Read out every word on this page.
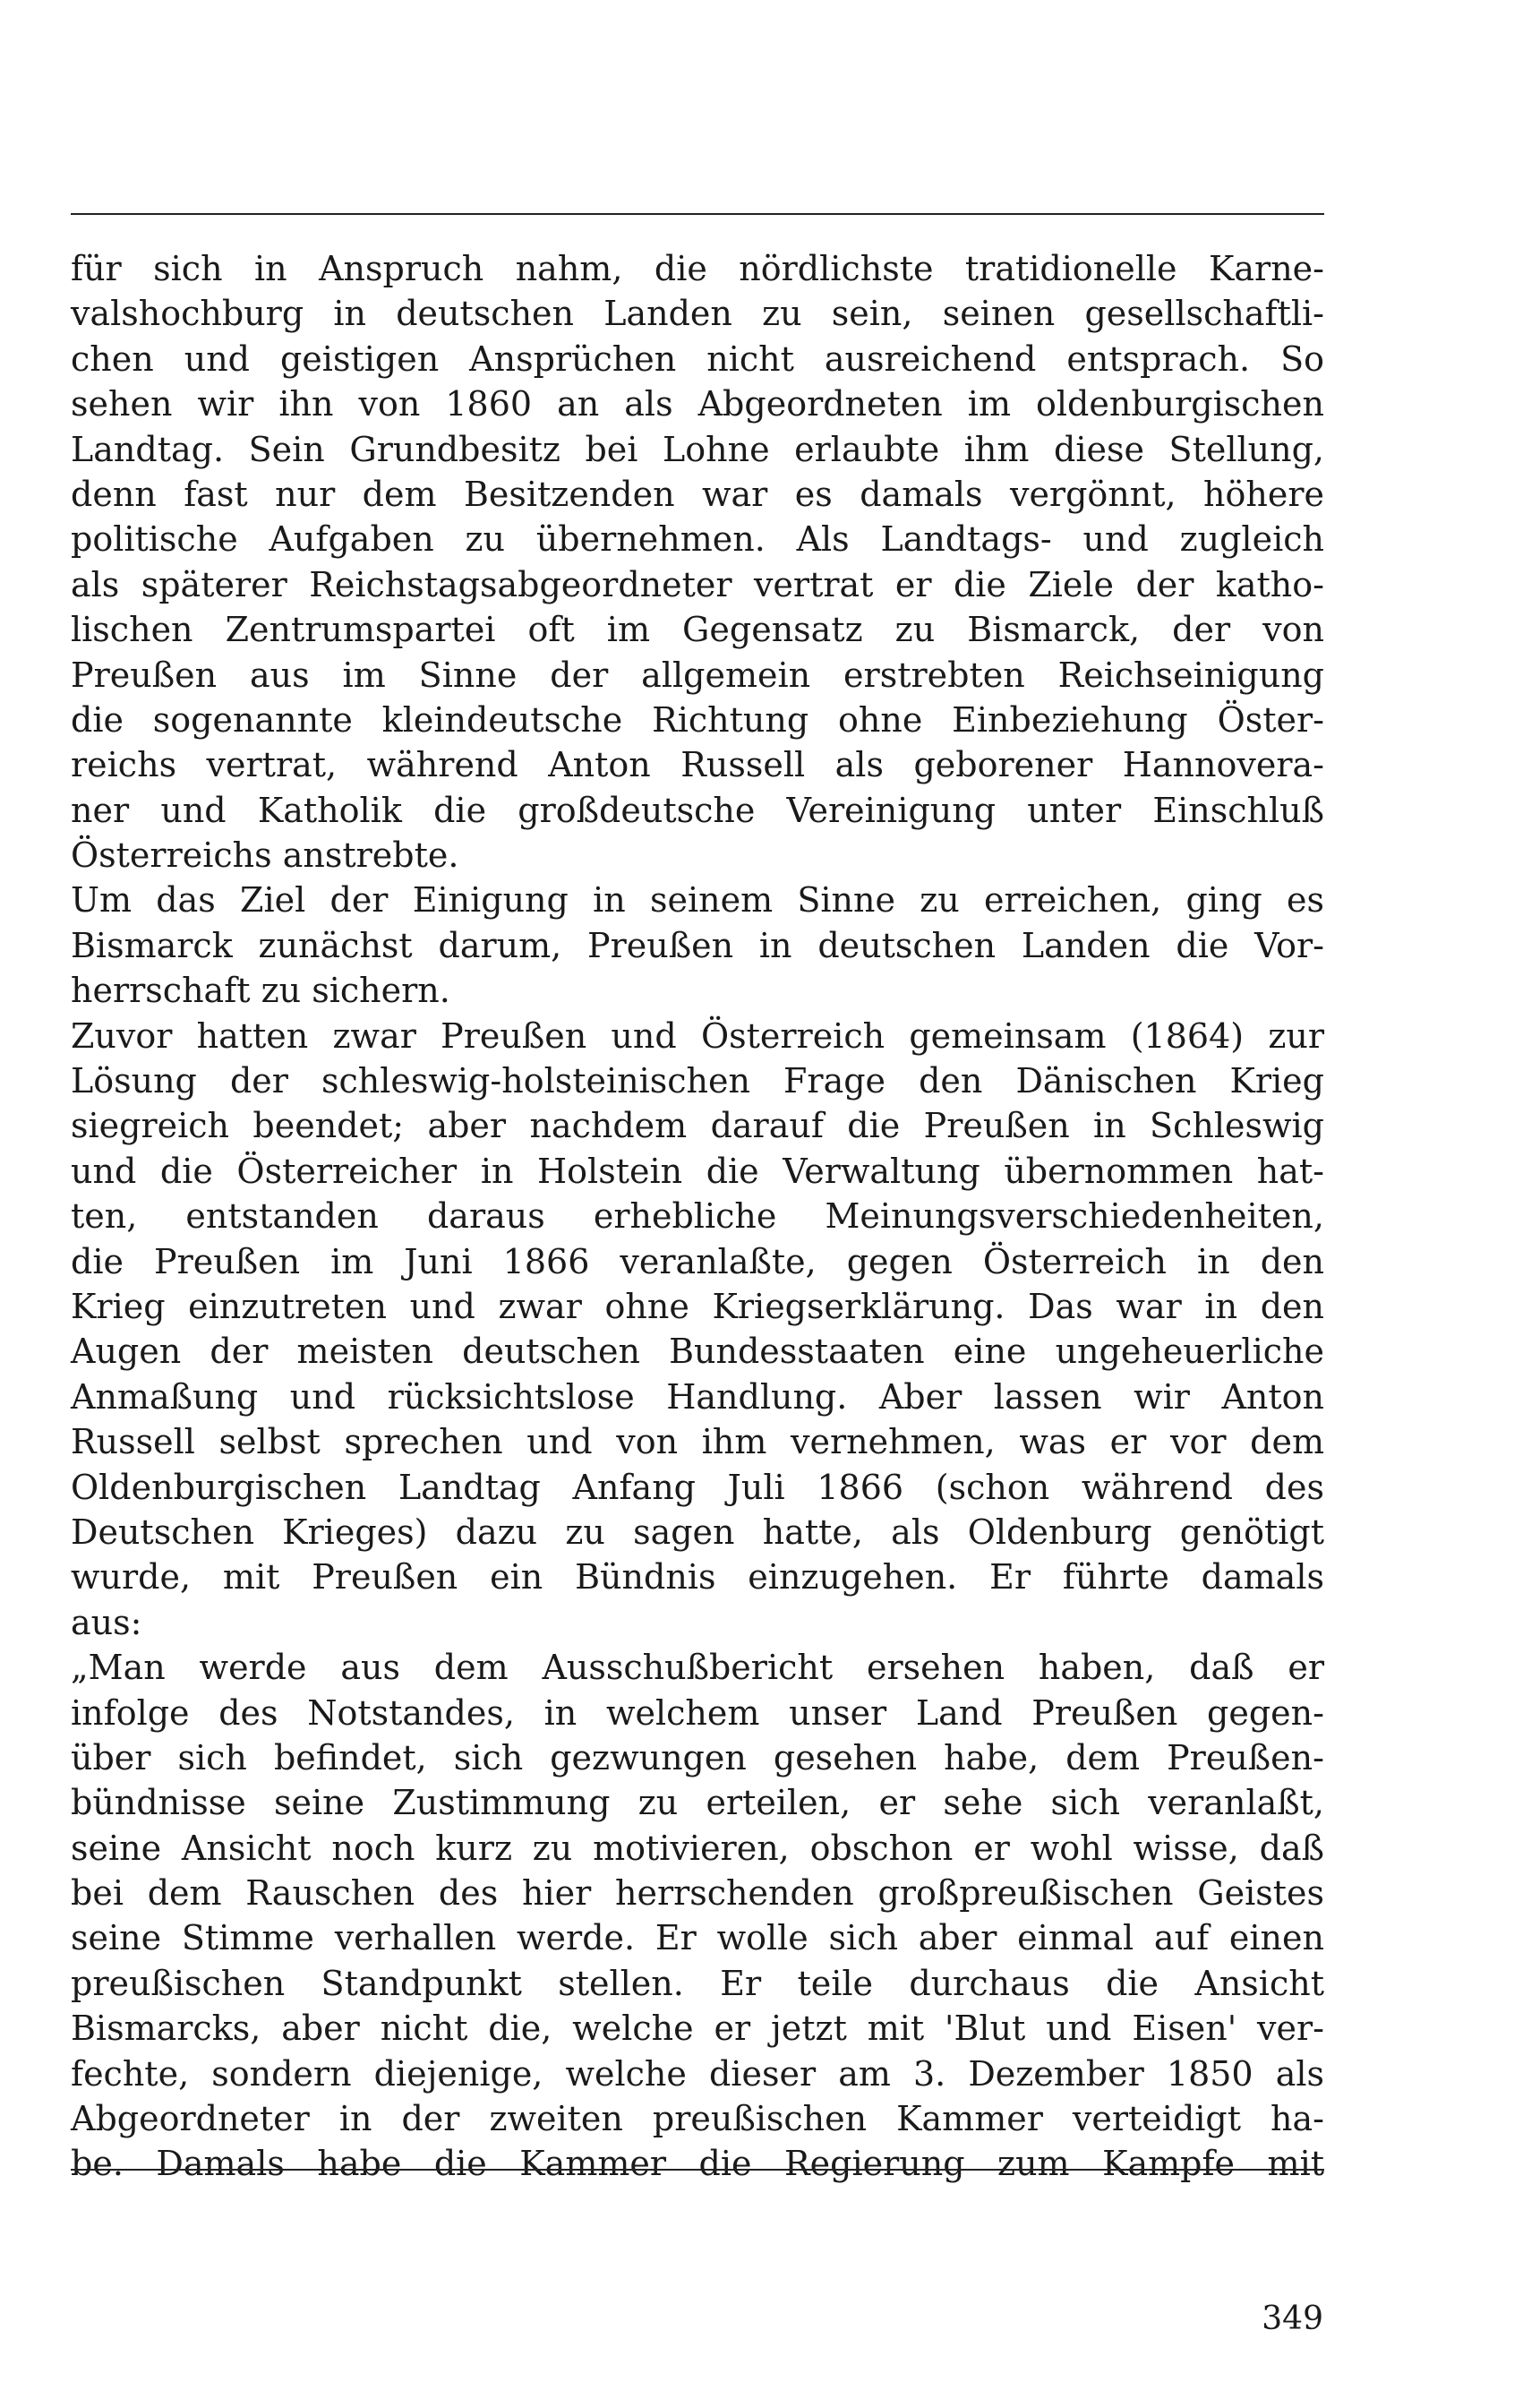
für sich in Anspruch nahm, die nördlichste tratidionelle Karne-
valshochburg in deutschen Landen zu sein, seinen gesellschaftli-
chen und geistigen Ansprüchen nicht ausreichend entsprach. So
sehen wir ihn von 1860 an als Abgeordneten im oldenburgischen
Landtag. Sein Grundbesitz bei Lohne erlaubte ihm diese Stellung,
denn fast nur dem Besitzenden war es damals vergönnt, höhere
politische Aufgaben zu übernehmen. Als Landtags- und zugleich
als späterer Reichstagsabgeordneter vertrat er die Ziele der katho-
lischen Zentrumspartei oft im Gegensatz zu Bismarck, der von
Preußen aus im Sinne der allgemein erstrebten Reichseinigung
die sogenannte kleindeutsche Richtung ohne Einbeziehung Öster-
reichs vertrat, während Anton Russell als geborener Hannovera-
ner und Katholik die großdeutsche Vereinigung unter Einschluß
Österreichs anstrebte.
Um das Ziel der Einigung in seinem Sinne zu erreichen, ging es
Bismarck zunächst darum, Preußen in deutschen Landen die Vor-
herrschaft zu sichern.
Zuvor hatten zwar Preußen und Österreich gemeinsam (1864) zur
Lösung der schleswig-holsteinischen Frage den Dänischen Krieg
siegreich beendet; aber nachdem darauf die Preußen in Schleswig
und die Österreicher in Holstein die Verwaltung übernommen hat-
ten, entstanden daraus erhebliche Meinungsverschiedenheiten,
die Preußen im Juni 1866 veranlaßte, gegen Österreich in den
Krieg einzutreten und zwar ohne Kriegserklärung. Das war in den
Augen der meisten deutschen Bundesstaaten eine ungeheuerliche
Anmaßung und rücksichtslose Handlung. Aber lassen wir Anton
Russell selbst sprechen und von ihm vernehmen, was er vor dem
Oldenburgischen Landtag Anfang Juli 1866 (schon während des
Deutschen Krieges) dazu zu sagen hatte, als Oldenburg genötigt
wurde, mit Preußen ein Bündnis einzugehen. Er führte damals
aus:
„Man werde aus dem Ausschußbericht ersehen haben, daß er
infolge des Notstandes, in welchem unser Land Preußen gegen-
über sich befindet, sich gezwungen gesehen habe, dem Preußen-
bündnisse seine Zustimmung zu erteilen, er sehe sich veranlaßt,
seine Ansicht noch kurz zu motivieren, obschon er wohl wisse, daß
bei dem Rauschen des hier herrschenden großpreußischen Geistes
seine Stimme verhallen werde. Er wolle sich aber einmal auf einen
preußischen Standpunkt stellen. Er teile durchaus die Ansicht
Bismarcks, aber nicht die, welche er jetzt mit 'Blut und Eisen' ver-
fechte, sondern diejenige, welche dieser am 3. Dezember 1850 als
Abgeordneter in der zweiten preußischen Kammer verteidigt ha-
be. Damals habe die Kammer die Regierung zum Kampfe mit
349
